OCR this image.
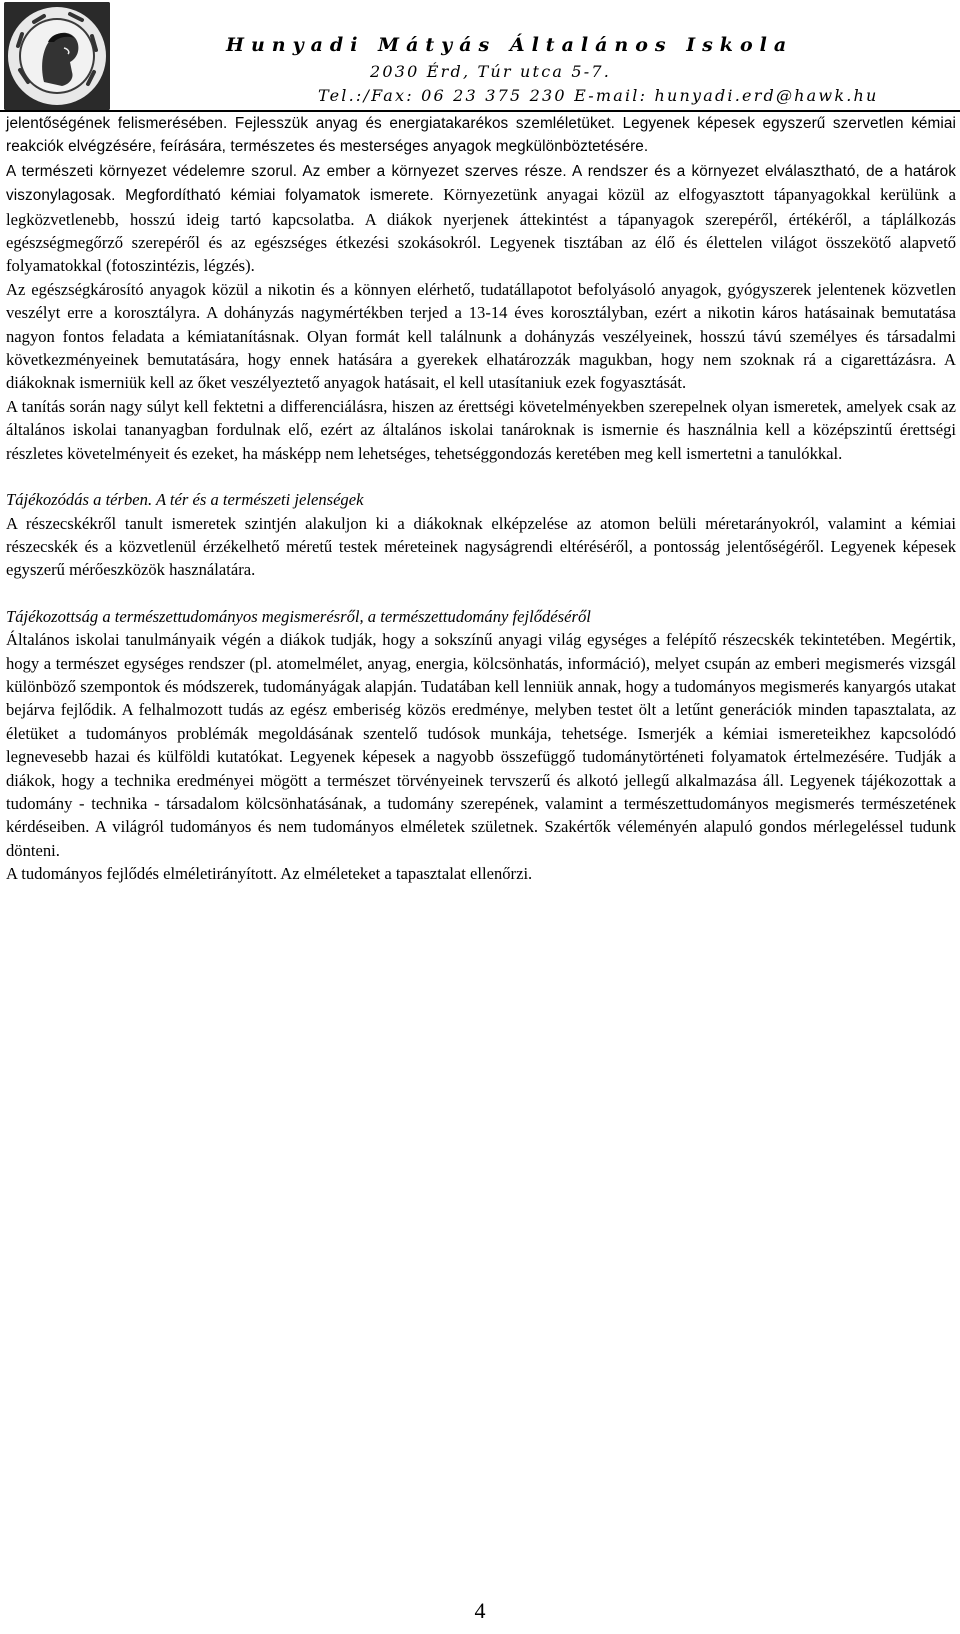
Hunyadi Mátyás Általános Iskola
2030 Érd, Túr utca 5-7.
Tel.:/Fax: 06 23 375 230 E-mail: hunyadi.erd@hawk.hu

jelentőségének felismerésében. Fejlesszük anyag és energiatakarékos szemléletüket. Legyenek képesek egyszerű szervetlen kémiai reakciók elvégzésére, feírására, természetes és mesterséges anyagok megkülönböztetésére.

A természeti környezet védelemre szorul. Az ember a környezet szerves része. A rendszer és a környezet elválasztható, de a határok viszonylagosak. Megfordítható kémiai folyamatok ismerete. Környezetünk anyagai közül az elfogyasztott tápanyagokkal kerülünk a legközvetlenebb, hosszú ideig tartó kapcsolatba. A diákok nyerjenek áttekintést a tápanyagok szerepéről, értékéről, a táplálkozás egészségmegőrző szerepéről és az egészséges étkezési szokásokról. Legyenek tisztában az élő és élettelen világot összekötő alapvető folyamatokkal (fotoszintézis, légzés).

Az egészségkárosító anyagok közül a nikotin és a könnyen elérhető, tudatállapotot befolyásoló anyagok, gyógyszerek jelentenek közvetlen veszélyt erre a korosztályra. A dohányzás nagymértékben terjed a 13-14 éves korosztályban, ezért a nikotin káros hatásainak bemutatása nagyon fontos feladata a kémiatanításnak. Olyan formát kell találnunk a dohányzás veszélyeinek, hosszú távú személyes és társadalmi következményeinek bemutatására, hogy ennek hatására a gyerekek elhatározzák magukban, hogy nem szoknak rá a cigarettázásra. A diákoknak ismerniük kell az őket veszélyeztető anyagok hatásait, el kell utasítaniuk ezek fogyasztását.

A tanítás során nagy súlyt kell fektetni a differenciálásra, hiszen az érettségi követelményekben szerepelnek olyan ismeretek, amelyek csak az általános iskolai tananyagban fordulnak elő, ezért az általános iskolai tanároknak is ismernie és használnia kell a középszintű érettségi részletes követelményeit és ezeket, ha másképp nem lehetséges, tehetséggondozás keretében meg kell ismertetni a tanulókkal.

Tájékozódás a térben. A tér és a természeti jelenségek

A részecskékről tanult ismeretek szintjén alakuljon ki a diákoknak elképzelése az atomon belüli méretarányokról, valamint a kémiai részecskék és a közvetlenül érzékelhető méretű testek méreteinek nagyságrendi eltéréséről, a pontosság jelentőségéről. Legyenek képesek egyszerű mérőeszközök használatára.

Tájékozottság a természettudományos megismerésről, a természettudomány fejlődéséről

Általános iskolai tanulmányaik végén a diákok tudják, hogy a sokszínű anyagi világ egységes a felépítő részecskék tekintetében. Megértik, hogy a természet egységes rendszer (pl. atomelmélet, anyag, energia, kölcsönhatás, információ), melyet csupán az emberi megismerés vizsgál különböző szempontok és módszerek, tudományágak alapján. Tudatában kell lenniük annak, hogy a tudományos megismerés kanyargós utakat bejárva fejlődik. A felhalmozott tudás az egész emberiség közös eredménye, melyben testet ölt a letűnt generációk minden tapasztalata, az életüket a tudományos problémák megoldásának szentelő tudósok munkája, tehetsége. Ismerjék a kémiai ismereteikhez kapcsolódó legnevesebb hazai és külföldi kutatókat. Legyenek képesek a nagyobb összefüggő tudománytörténeti folyamatok értelmezésére. Tudják a diákok, hogy a technika eredményei mögött a természet törvényeinek tervszerű és alkotó jellegű alkalmazása áll. Legyenek tájékozottak a tudomány - technika - társadalom kölcsönhatásának, a tudomány szerepének, valamint a természettudományos megismerés természetének kérdéseiben. A világról tudományos és nem tudományos elméletek születnek. Szakértők véleményén alapuló gondos mérlegeléssel tudunk dönteni.

A tudományos fejlődés elméletirányított. Az elméleteket a tapasztalat ellenőrzi.

4
